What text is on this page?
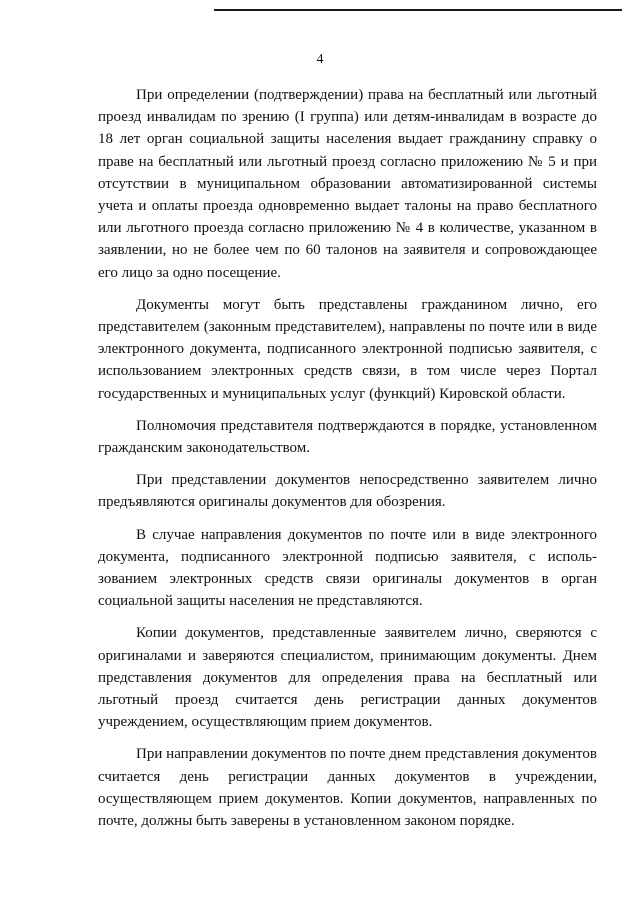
4

При определении (подтверждении) права на бесплатный или льготный проезд инвалидам по зрению (I группа) или детям-инвалидам в возрасте до 18 лет орган социальной защиты населения выдает гражданину справку о праве на бесплатный или льготный проезд согласно приложению № 5 и при отсутствии в муниципальном образовании автоматизированной системы учета и оплаты проезда одновременно выдает талоны на право бесплатного или льготного проезда согласно приложению № 4 в количестве, указанном в заявлении, но не более чем по 60 талонов на заявителя и сопровождающее его лицо за одно посещение.

Документы могут быть представлены гражданином лично, его представителем (законным представителем), направлены по почте или в виде электронного документа, подписанного электронной подписью заявителя, с использованием электронных средств связи, в том числе через Портал государственных и муниципальных услуг (функций) Кировской области.

Полномочия представителя подтверждаются в порядке, установленном гражданским законодательством.

При представлении документов непосредственно заявителем лично предъявляются оригиналы документов для обозрения.

В случае направления документов по почте или в виде электронного документа, подписанного электронной подписью заявителя, с исполь-зованием электронных средств связи оригиналы документов в орган социальной защиты населения не представляются.

Копии документов, представленные заявителем лично, сверяются с оригиналами и заверяются специалистом, принимающим документы. Днем представления документов для определения права на бесплатный или льготный проезд считается день регистрации данных документов учреждением, осуществляющим прием документов.

При направлении документов по почте днем представления документов считается день регистрации данных документов в учреждении, осуществляющем прием документов. Копии документов, направленных по почте, должны быть заверены в установленном законом порядке.
